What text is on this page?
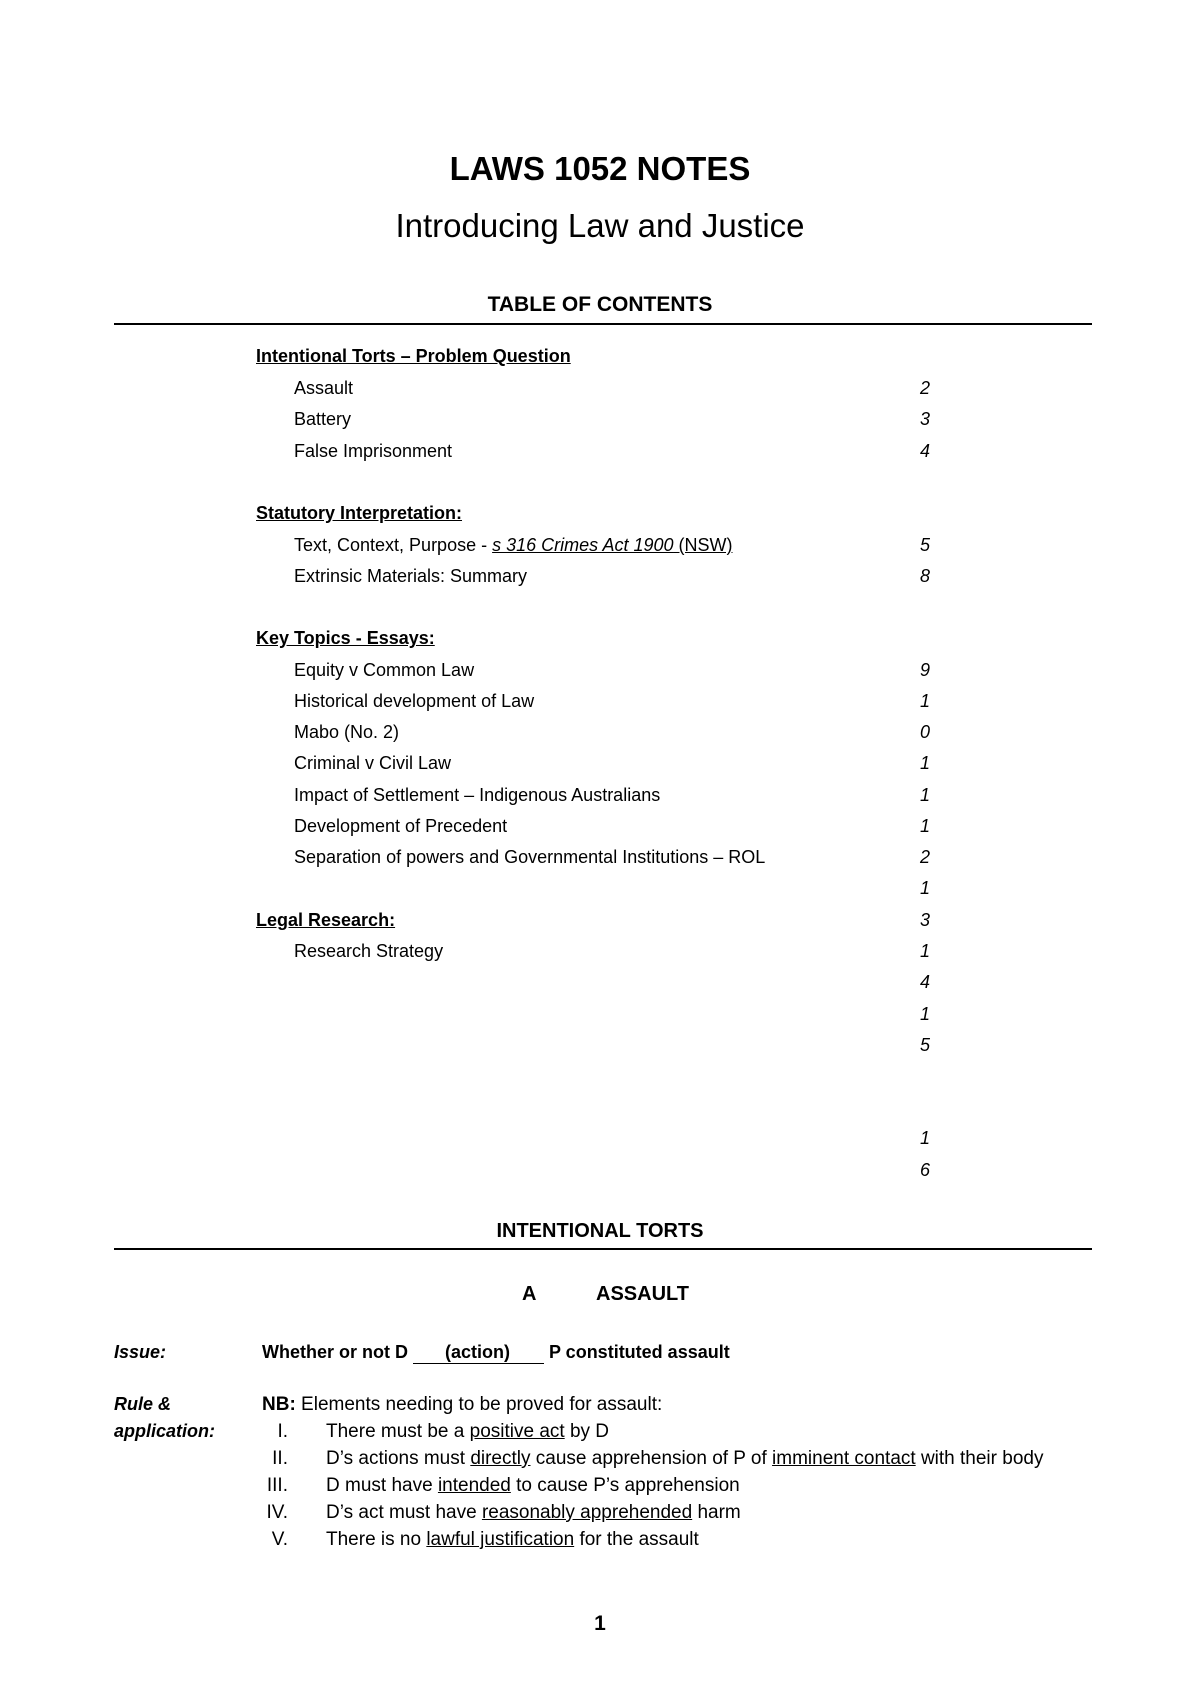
LAWS 1052 NOTES
Introducing Law and Justice
TABLE OF CONTENTS
Intentional Torts – Problem Question
Assault	2
Battery	3
False Imprisonment	4
Statutory Interpretation:
Text, Context, Purpose - s 316 Crimes Act 1900 (NSW)	5
Extrinsic Materials: Summary	8
Key Topics - Essays:
Equity v Common Law	9
Historical development of Law	1
Mabo (No. 2)	0
Criminal v Civil Law	1
Impact of Settlement – Indigenous Australians	1
Development of Precedent	1
Separation of powers and Governmental Institutions – ROL	2
1
Legal Research:	3
Research Strategy	1
4
1
5
1
6
INTENTIONAL TORTS
A	ASSAULT
Issue:	Whether or not D (action) P constituted assault
Rule &
application:
NB: Elements needing to be proved for assault:
I. There must be a positive act by D
II. D’s actions must directly cause apprehension of P of imminent contact with their body
III. D must have intended to cause P’s apprehension
IV. D’s act must have reasonably apprehended harm
V. There is no lawful justification for the assault
1
